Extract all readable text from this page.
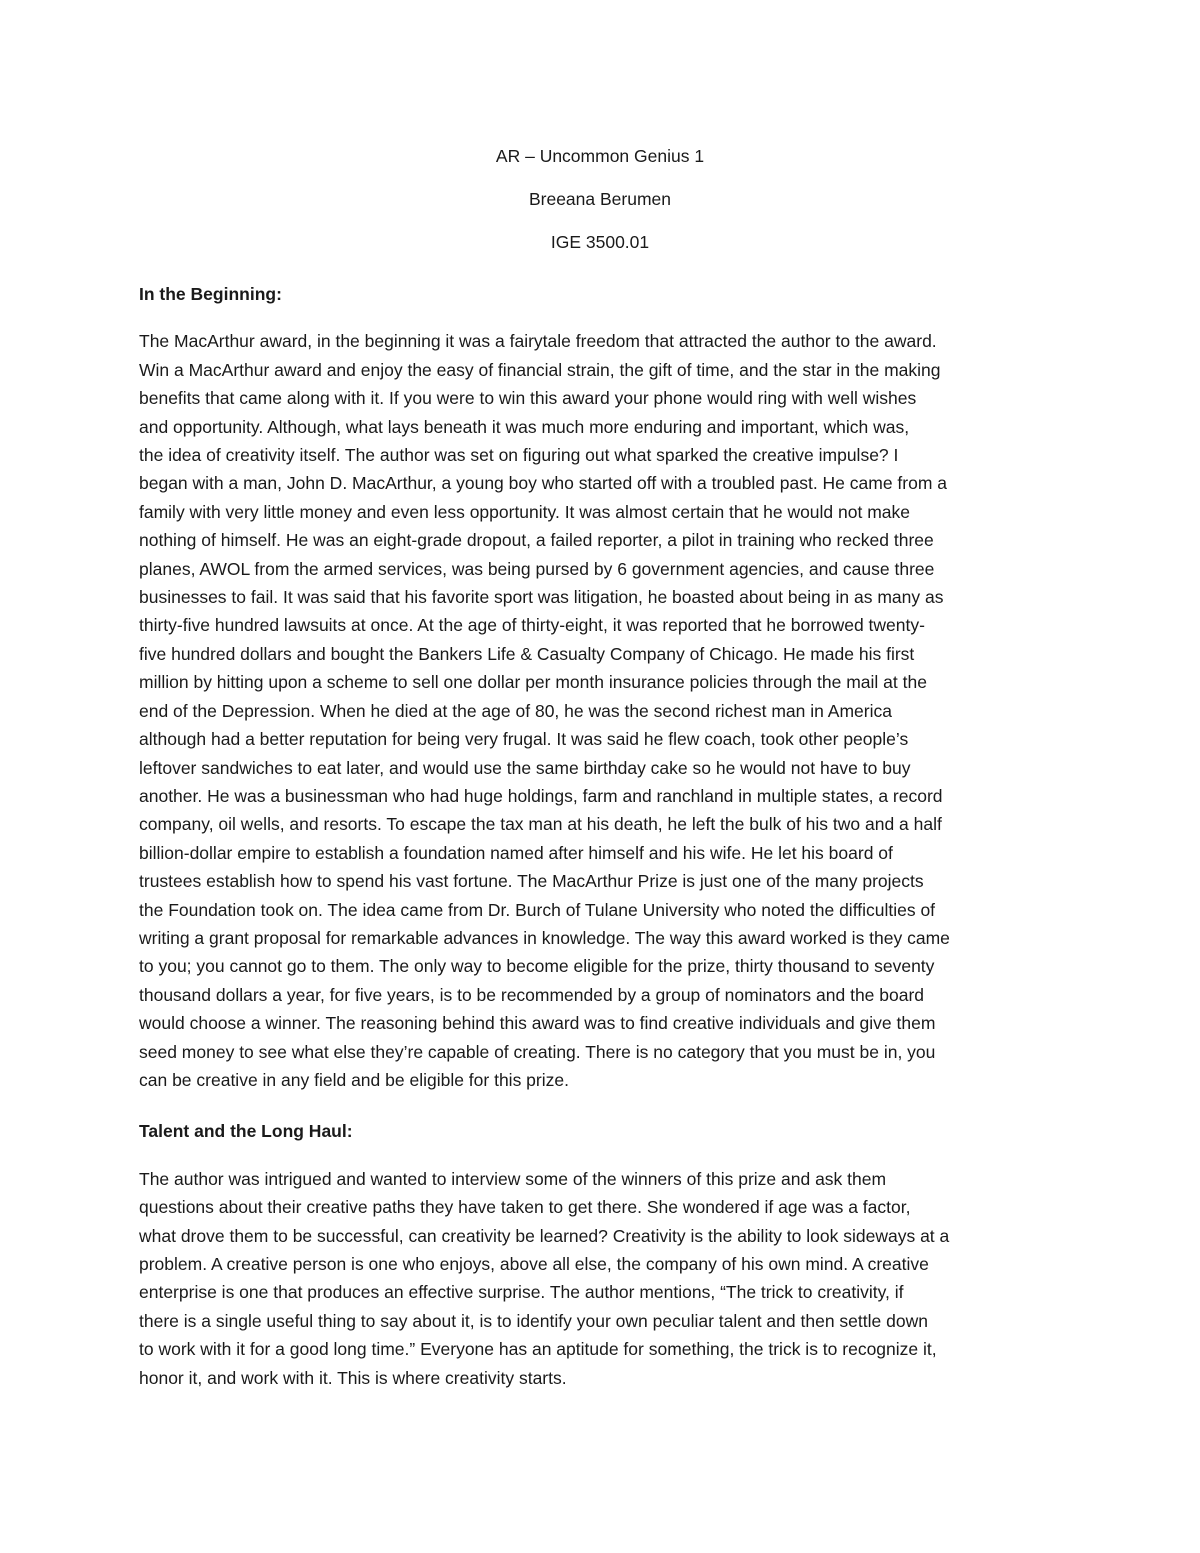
AR – Uncommon Genius 1
Breeana Berumen
IGE 3500.01
In the Beginning:
The MacArthur award, in the beginning it was a fairytale freedom that attracted the author to the award.
Win a MacArthur award and enjoy the easy of financial strain, the gift of time, and the star in the making
benefits that came along with it. If you were to win this award your phone would ring with well wishes
and opportunity. Although, what lays beneath it was much more enduring and important, which was,
the idea of creativity itself. The author was set on figuring out what sparked the creative impulse? I
began with a man, John D. MacArthur, a young boy who started off with a troubled past. He came from a
family with very little money and even less opportunity. It was almost certain that he would not make
nothing of himself. He was an eight-grade dropout, a failed reporter, a pilot in training who recked three
planes, AWOL from the armed services, was being pursed by 6 government agencies, and cause three
businesses to fail. It was said that his favorite sport was litigation, he boasted about being in as many as
thirty-five hundred lawsuits at once. At the age of thirty-eight, it was reported that he borrowed twenty-
five hundred dollars and bought the Bankers Life & Casualty Company of Chicago. He made his first
million by hitting upon a scheme to sell one dollar per month insurance policies through the mail at the
end of the Depression. When he died at the age of 80, he was the second richest man in America
although had a better reputation for being very frugal. It was said he flew coach, took other people’s
leftover sandwiches to eat later, and would use the same birthday cake so he would not have to buy
another. He was a businessman who had huge holdings, farm and ranchland in multiple states, a record
company, oil wells, and resorts. To escape the tax man at his death, he left the bulk of his two and a half
billion-dollar empire to establish a foundation named after himself and his wife. He let his board of
trustees establish how to spend his vast fortune. The MacArthur Prize is just one of the many projects
the Foundation took on. The idea came from Dr. Burch of Tulane University who noted the difficulties of
writing a grant proposal for remarkable advances in knowledge. The way this award worked is they came
to you; you cannot go to them. The only way to become eligible for the prize, thirty thousand to seventy
thousand dollars a year, for five years, is to be recommended by a group of nominators and the board
would choose a winner. The reasoning behind this award was to find creative individuals and give them
seed money to see what else they’re capable of creating. There is no category that you must be in, you
can be creative in any field and be eligible for this prize.
Talent and the Long Haul:
The author was intrigued and wanted to interview some of the winners of this prize and ask them
questions about their creative paths they have taken to get there. She wondered if age was a factor,
what drove them to be successful, can creativity be learned? Creativity is the ability to look sideways at a
problem. A creative person is one who enjoys, above all else, the company of his own mind. A creative
enterprise is one that produces an effective surprise. The author mentions, “The trick to creativity, if
there is a single useful thing to say about it, is to identify your own peculiar talent and then settle down
to work with it for a good long time.” Everyone has an aptitude for something, the trick is to recognize it,
honor it, and work with it. This is where creativity starts.
